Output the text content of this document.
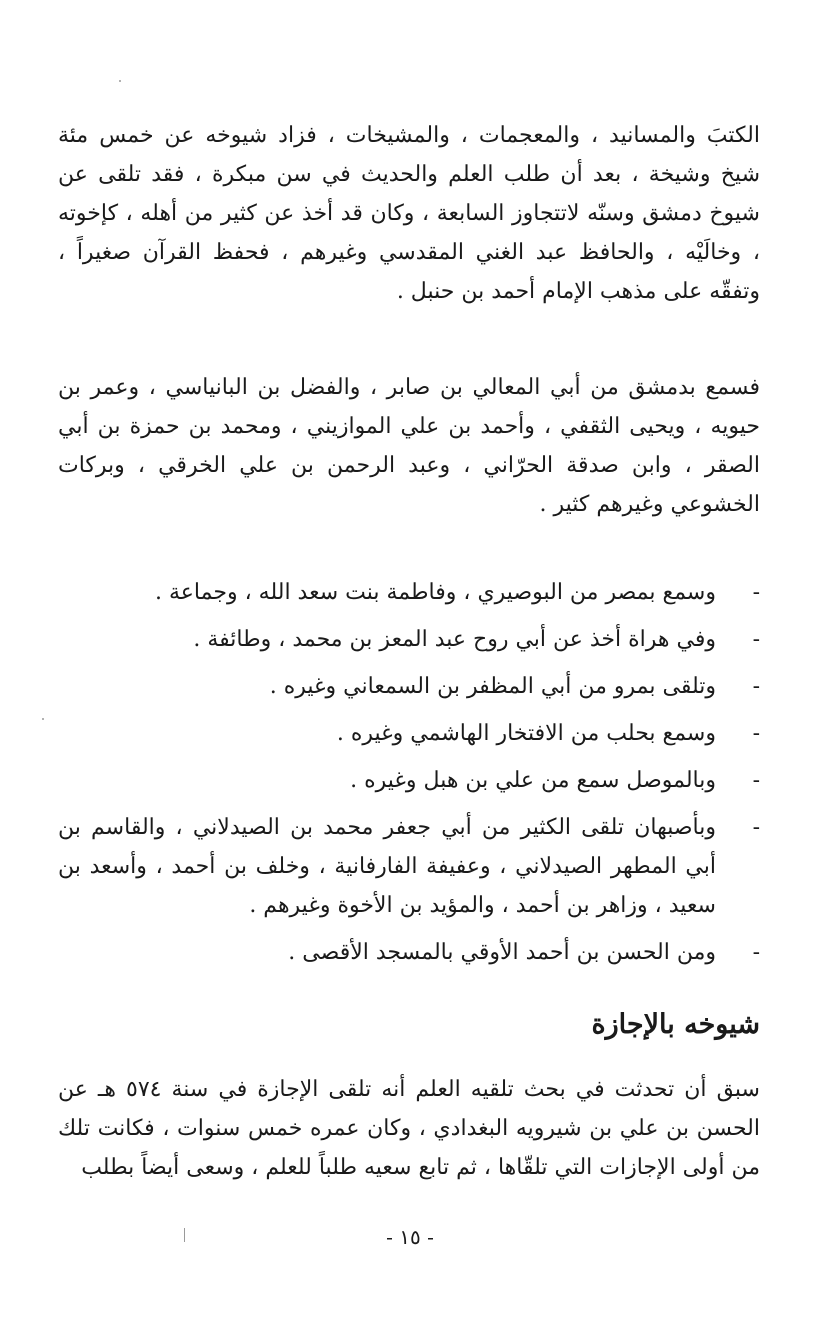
الكتبَ والمسانيد ، والمعجمات ، والمشيخات ، فزاد شيوخه عن خمس مئة شيخ وشيخة ، بعد أن طلب العلم والحديث في سن مبكرة ، فقد تلقى عن شيوخ دمشق وسنّه لاتتجاوز السابعة ، وكان قد أخذ عن كثير من أهله ، كإخوته ، وخالَيْه ، والحافظ عبد الغني المقدسي وغيرهم ، فحفظ القرآن صغيراً ، وتفقّه على مذهب الإمام أحمد بن حنبل .

فسمع بدمشق من أبي المعالي بن صابر ، والفضل بن البانياسي ، وعمر بن حيويه ، ويحيى الثقفي ، وأحمد بن علي الموازيني ، ومحمد بن حمزة بن أبي الصقر ، وابن صدقة الحرّاني ، وعبد الرحمن بن علي الخرقي ، وبركات الخشوعي وغيرهم كثير .

-
وسمع بمصر من البوصيري ، وفاطمة بنت سعد الله ، وجماعة .
-
وفي هراة أخذ عن أبي روح عبد المعز بن محمد ، وطائفة .
-
وتلقى بمرو من أبي المظفر بن السمعاني وغيره .
-
وسمع بحلب من الافتخار الهاشمي وغيره .
-
وبالموصل سمع من علي بن هبل وغيره .
-
وبأصبهان تلقى الكثير من أبي جعفر محمد بن الصيدلاني ، والقاسم بن أبي المطهر الصيدلاني ، وعفيفة الفارفانية ، وخلف بن أحمد ، وأسعد بن سعيد ، وزاهر بن أحمد ، والمؤيد بن الأخوة وغيرهم .
-
ومن الحسن بن أحمد الأوقي بالمسجد الأقصى .
شيوخه بالإجازة

سبق أن تحدثت في بحث تلقيه العلم أنه تلقى الإجازة في سنة ٥٧٤ هـ عن الحسن بن علي بن شيرويه البغدادي ، وكان عمره خمس سنوات ، فكانت تلك من أولى الإجازات التي تلقّاها ، ثم تابع سعيه طلباً للعلم ، وسعى أيضاً بطلب

- ١٥ -
